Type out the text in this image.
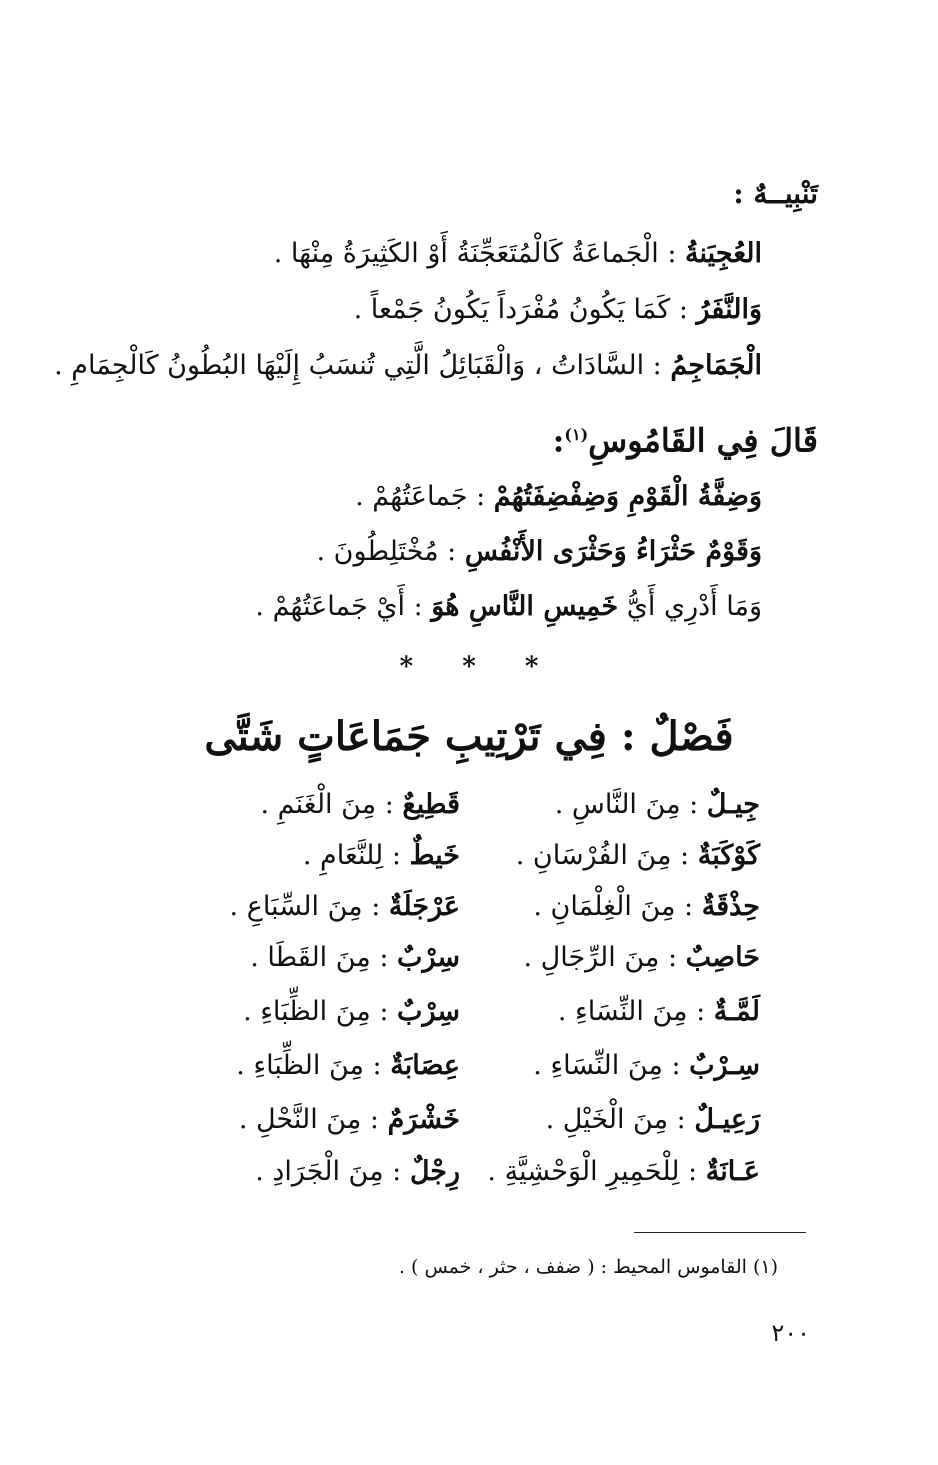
تَنْبِيــهٌ :
العُجِيَنةُ : الْجَماعَةُ كَالْمُتَعَجِّنَةُ أَوْ الكَثِيرَةُ مِنْهَا .
وَالنَّفَرُ : كَمَا يَكُونُ مُفْرَداً يَكُونُ جَمْعاً .
الْجَمَاجِمُ : السَّادَاتُ ، وَالْقَبَائِلُ الَّتِي تُنسَبُ إِلَيْهَا البُطُونُ كَالْجِمَامِ .
قَالَ فِي القَامُوسِ$^{(١)}$:
وَضِفَّةُ الْقَوْمِ وَضِفْضِفَتُهُمْ : جَماعَتُهُمْ .
وَقَوْمٌ حَثْرَاءُ وَحَثْرَى الأَنْفُسِ : مُخْتَلِطُونَ .
وَمَا أَدْرِي أَيُّ خَمِيسِ النَّاسِ هُوَ : أَيْ جَماعَتُهُمْ .
* * *
فَصْلٌ : فِي تَرْتِيبِ جَمَاعَاتٍ شَتَّى
جِيـلٌ : مِنَ النَّاسِ .
قَطِيعٌ : مِنَ الْغَنَمِ .
كَوْكَبَةٌ : مِنَ الفُرْسَانِ .
خَيطٌ : لِلنَّعَامِ .
حِذْقَةٌ : مِنَ الْغِلْمَانِ .
عَرْجَلَةٌ : مِنَ السِّبَاعِ .
حَاصِبٌ : مِنَ الرِّجَالِ .
سِرْبٌ : مِنَ القَطَا .
لَمَّـةٌ : مِنَ النِّسَاءِ .
سِرْبٌ : مِنَ الظِّبَاءِ .
سِـرْبٌ : مِنَ النِّسَاءِ .
عِصَابَةٌ : مِنَ الظِّبَاءِ .
رَعِيـلٌ : مِنَ الْخَيْلِ .
خَشْرَمٌ : مِنَ النَّحْلِ .
عَـانَةٌ : لِلْحَمِيرِ الْوَحْشِيَّةِ .
رِجْلٌ : مِنَ الْجَرَادِ .
(١) القاموس المحيط : ( ضفف ، حثر ، خمس ) .
٢٠٠
